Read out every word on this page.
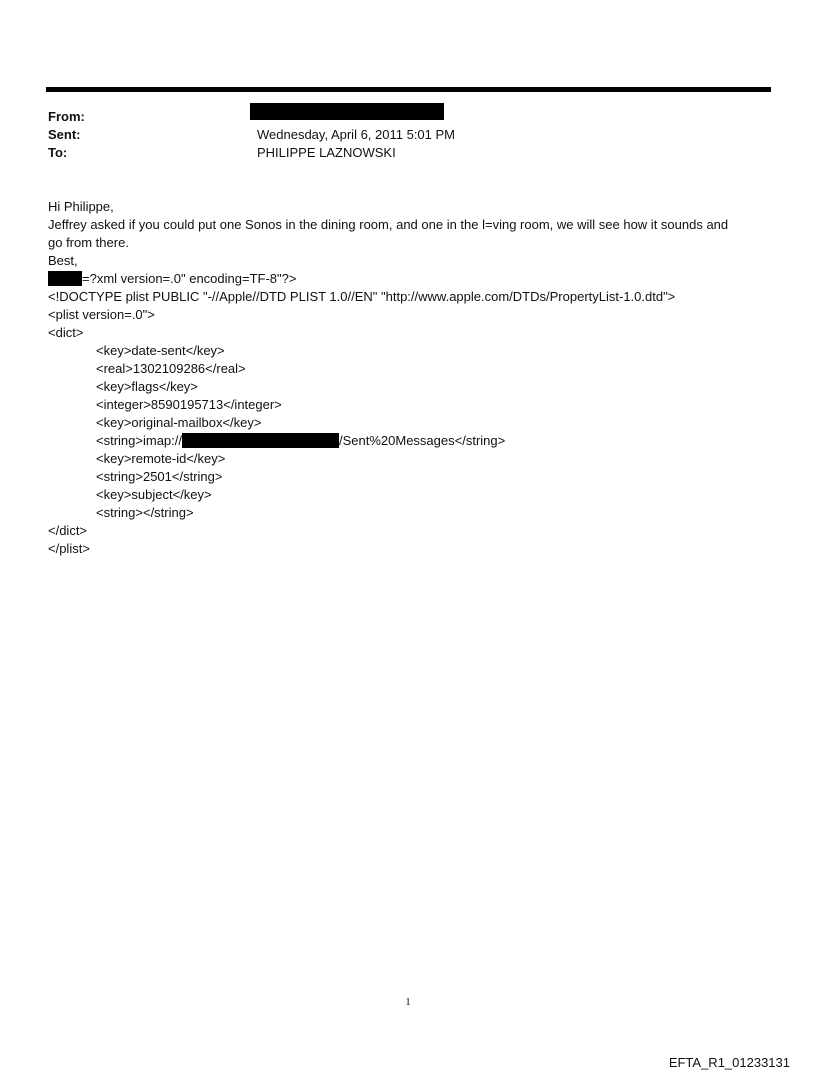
From:
Sent:	Wednesday, April 6, 2011 5:01 PM
To:	PHILIPPE LAZNOWSKI
Hi Philippe,
Jeffrey asked if you could put one Sonos in the dining room, and one in the l=ving room, we will see how it sounds and
go from there.
Best,
=?xml version=.0" encoding=TF-8"?>
<!DOCTYPE plist PUBLIC "-//Apple//DTD PLIST 1.0//EN" "http://www.apple.com/DTDs/PropertyList-1.0.dtd">
<plist version=.0">
<dict>
<key>date-sent</key>
<real>1302109286</real>
<key>flags</key>
<integer>8590195713</integer>
<key>original-mailbox</key>
<string>imap://	/Sent%20Messages</string>
<key>remote-id</key>
<string>2501</string>
<key>subject</key>
<string></string>
</dict>
</plist>
1
EFTA_R1_01233131
